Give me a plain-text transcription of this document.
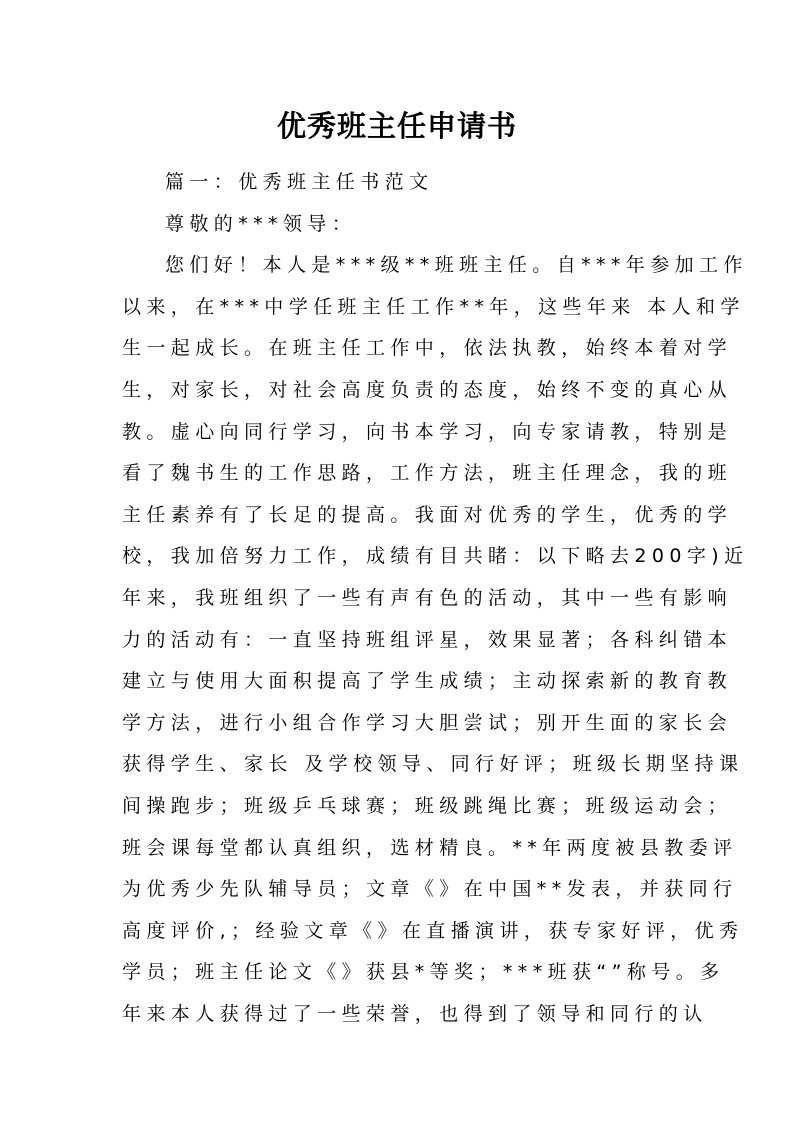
优秀班主任申请书
篇一：优秀班主任书范文
尊敬的***领导：
您们好！本人是***级**班班主任。自***年参加工作
以来，在***中学任班主任工作**年，这些年来 本人和学
生一起成长。在班主任工作中，依法执教，始终本着对学
生，对家长，对社会高度负责的态度，始终不变的真心从
教。虚心向同行学习，向书本学习，向专家请教，特别是
看了魏书生的工作思路，工作方法，班主任理念，我的班
主任素养有了长足的提高。我面对优秀的学生，优秀的学
校，我加倍努力工作，成绩有目共睹：以下略去200字)近
年来，我班组织了一些有声有色的活动，其中一些有影响
力的活动有：一直坚持班组评星，效果显著；各科纠错本
建立与使用大面积提高了学生成绩；主动探索新的教育教
学方法，进行小组合作学习大胆尝试；别开生面的家长会
获得学生、家长 及学校领导、同行好评；班级长期坚持课
间操跑步；班级乒乓球赛；班级跳绳比赛；班级运动会；
班会课每堂都认真组织，选材精良。**年两度被县教委评
为优秀少先队辅导员；文章《》在中国**发表，并获同行
高度评价,；经验文章《》在直播演讲，获专家好评，优秀
学员；班主任论文《》获县*等奖；***班获“”称号。多
年来本人获得过了一些荣誉，也得到了领导和同行的认
